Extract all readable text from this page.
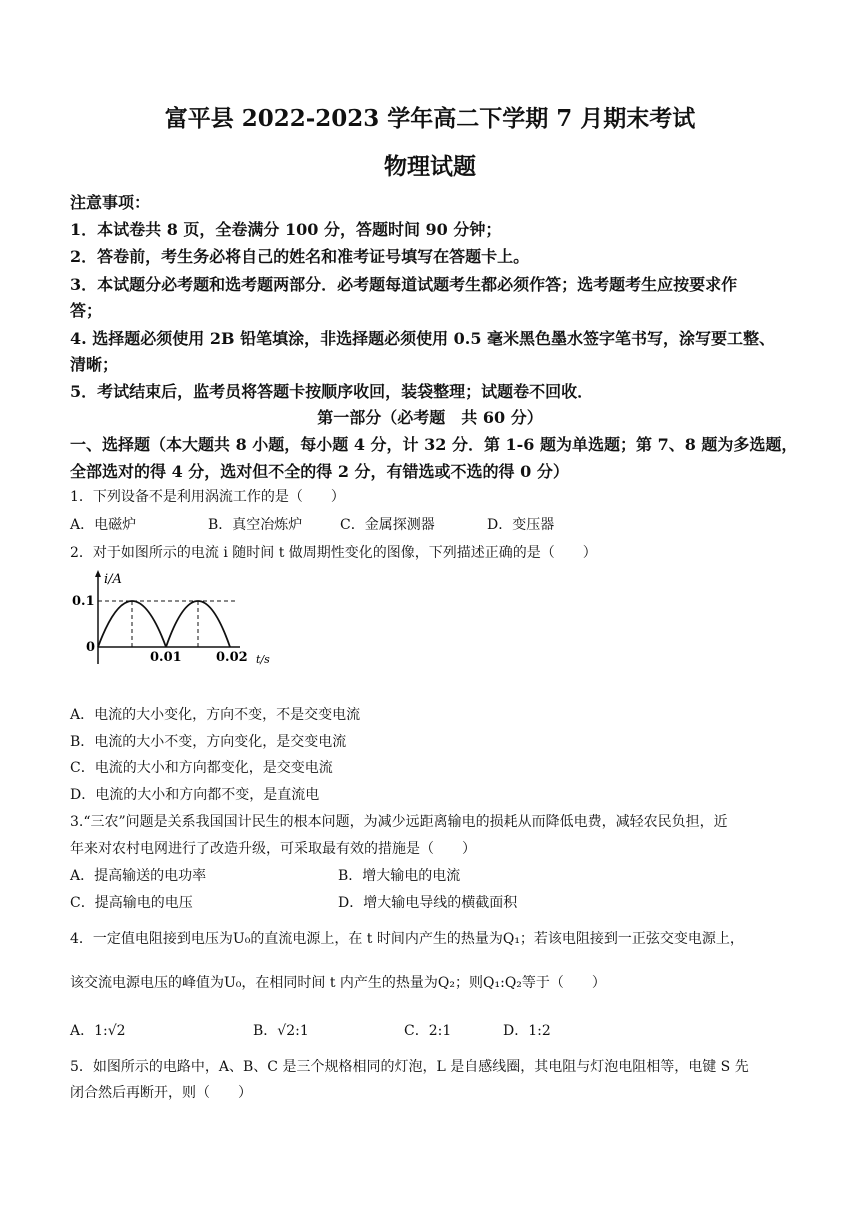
富平县 2022-2023 学年高二下学期 7 月期末考试
物理试题
注意事项：
1．本试卷共 8 页，全卷满分 100 分，答题时间 90 分钟；
2．答卷前，考生务必将自己的姓名和准考证号填写在答题卡上。
3．本试题分必考题和选考题两部分．必考题每道试题考生都必须作答；选考题考生应按要求作
答；
4. 选择题必须使用 2B 铅笔填涂，非选择题必须使用 0.5 毫米黑色墨水签字笔书写，涂写要工整、
清晰；
5．考试结束后，监考员将答题卡按顺序收回，装袋整理；试题卷不回收．
第一部分（必考题　共 60 分）
一、选择题（本大题共 8 小题，每小题 4 分，计 32 分．第 1-6 题为单选题；第 7、8 题为多选题，
全部选对的得 4 分，选对但不全的得 2 分，有错选或不选的得 0 分）
1．下列设备不是利用涡流工作的是（　　）
A．电磁炉	B．真空冶炼炉	C．金属探测器	D．变压器
2．对于如图所示的电流 i 随时间 t 做周期性变化的图像，下列描述正确的是（　　）
i/A
0.1
0
0.01	0.02 t/s
A．电流的大小变化，方向不变，不是交变电流
B．电流的大小不变，方向变化，是交变电流
C．电流的大小和方向都变化，是交变电流
D．电流的大小和方向都不变，是直流电
3.“三农”问题是关系我国国计民生的根本问题，为减少远距离输电的损耗从而降低电费，减轻农民负担，近
年来对农村电网进行了改造升级，可采取最有效的措施是（　　）
A．提高输送的电功率	B．增大输电的电流
C．提高输电的电压	D．增大输电导线的横截面积
4．一定值电阻接到电压为U₀的直流电源上，在 t 时间内产生的热量为Q₁；若该电阻接到一正弦交变电源上，
该交流电源电压的峰值为U₀，在相同时间 t 内产生的热量为Q₂；则Q₁:Q₂等于（　　）
A．1:√2	B．√2:1	C．2:1	D．1:2
5．如图所示的电路中，A、B、C 是三个规格相同的灯泡，L 是自感线圈，其电阻与灯泡电阻相等，电键 S 先
闭合然后再断开，则（　　）
